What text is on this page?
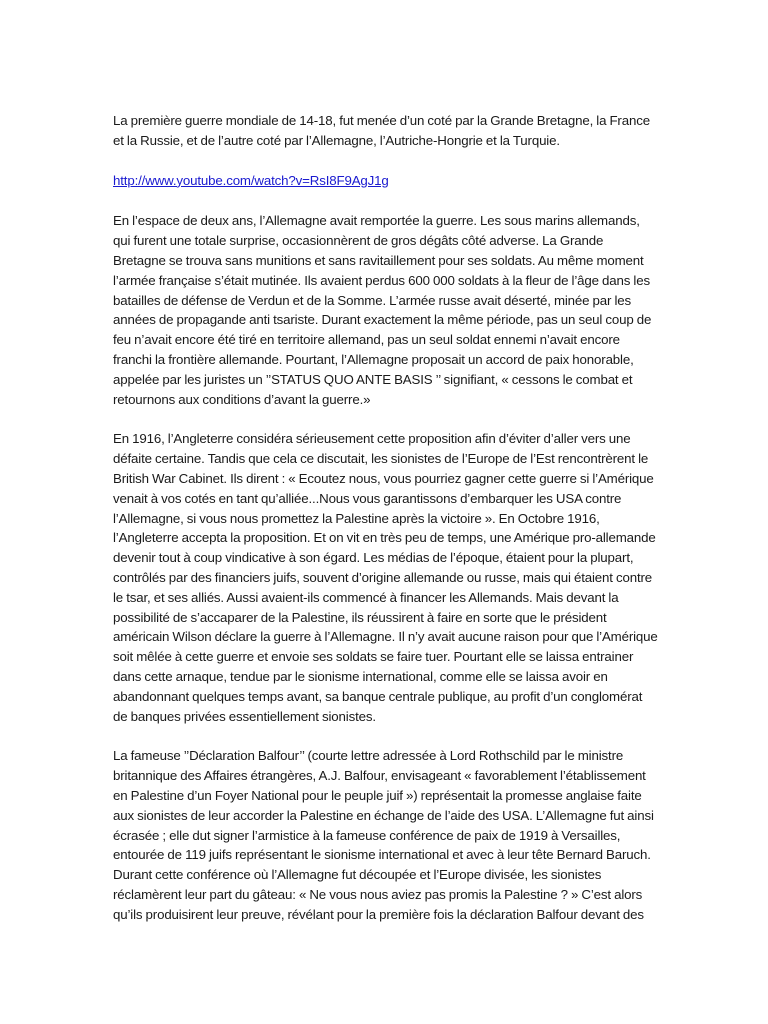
La première guerre mondiale de 14-18, fut menée d’un coté par la Grande Bretagne, la France et la Russie, et de l’autre coté par l’Allemagne, l’Autriche-Hongrie et la Turquie.

http://www.youtube.com/watch?v=RsI8F9AgJ1g

En l’espace de deux ans, l’Allemagne avait remportée la guerre. Les sous marins allemands, qui furent une totale surprise, occasionnèrent de gros dégâts côté adverse. La Grande Bretagne se trouva sans munitions et sans ravitaillement pour ses soldats. Au même moment l’armée française s’était mutinée. Ils avaient perdus 600 000 soldats à la fleur de l’âge dans les batailles de défense de Verdun et de la Somme. L’armée russe avait déserté, minée par les années de propagande anti tsariste. Durant exactement la même période, pas un seul coup de feu n’avait encore été tiré en territoire allemand, pas un seul soldat ennemi n’avait encore franchi la frontière allemande. Pourtant, l’Allemagne proposait un accord de paix honorable, appelée par les juristes un ’’STATUS QUO ANTE BASIS ’’ signifiant, « cessons le combat et retournons aux conditions d’avant la guerre.»

En 1916, l’Angleterre considéra sérieusement cette proposition afin d’éviter d’aller vers une défaite certaine. Tandis que cela ce discutait, les sionistes de l’Europe de l’Est rencontrèrent le British War Cabinet. Ils dirent : « Ecoutez nous, vous pourriez gagner cette guerre si l’Amérique venait à vos cotés en tant qu’alliée...Nous vous garantissons d’embarquer les USA contre l’Allemagne, si vous nous promettez la Palestine après la victoire ». En Octobre 1916, l’Angleterre accepta la proposition. Et on vit en très peu de temps, une Amérique pro-allemande devenir tout à coup vindicative à son égard. Les médias de l’époque, étaient pour la plupart, contrôlés par des financiers juifs, souvent d’origine allemande ou russe, mais qui étaient contre le tsar, et ses alliés. Aussi avaient-ils commencé à financer les Allemands. Mais devant la possibilité de s’accaparer de la Palestine, ils réussirent à faire en sorte que le président américain Wilson déclare la guerre à l’Allemagne. Il n’y avait aucune raison pour que l’Amérique soit mêlée à cette guerre et envoie ses soldats se faire tuer. Pourtant elle se laissa entrainer dans cette arnaque, tendue par le sionisme international, comme elle se laissa avoir en abandonnant quelques temps avant, sa banque centrale publique, au profit d’un conglomérat de banques privées essentiellement sionistes.

La fameuse ’’Déclaration Balfour’’ (courte lettre adressée à Lord Rothschild par le ministre britannique des Affaires étrangères, A.J. Balfour, envisageant « favorablement l’établissement en Palestine d’un Foyer National pour le peuple juif ») représentait la promesse anglaise faite aux sionistes de leur accorder la Palestine en échange de l’aide des USA. L’Allemagne fut ainsi écrasée ; elle dut signer l’armistice à la fameuse conférence de paix de 1919 à Versailles, entourée de 119 juifs représentant le sionisme international et avec à leur tête Bernard Baruch. Durant cette conférence où l’Allemagne fut découpée et l’Europe divisée, les sionistes réclamèrent leur part du gâteau: « Ne vous nous aviez pas promis la Palestine ? » C’est alors qu’ils produisirent leur preuve, révélant pour la première fois la déclaration Balfour devant des
